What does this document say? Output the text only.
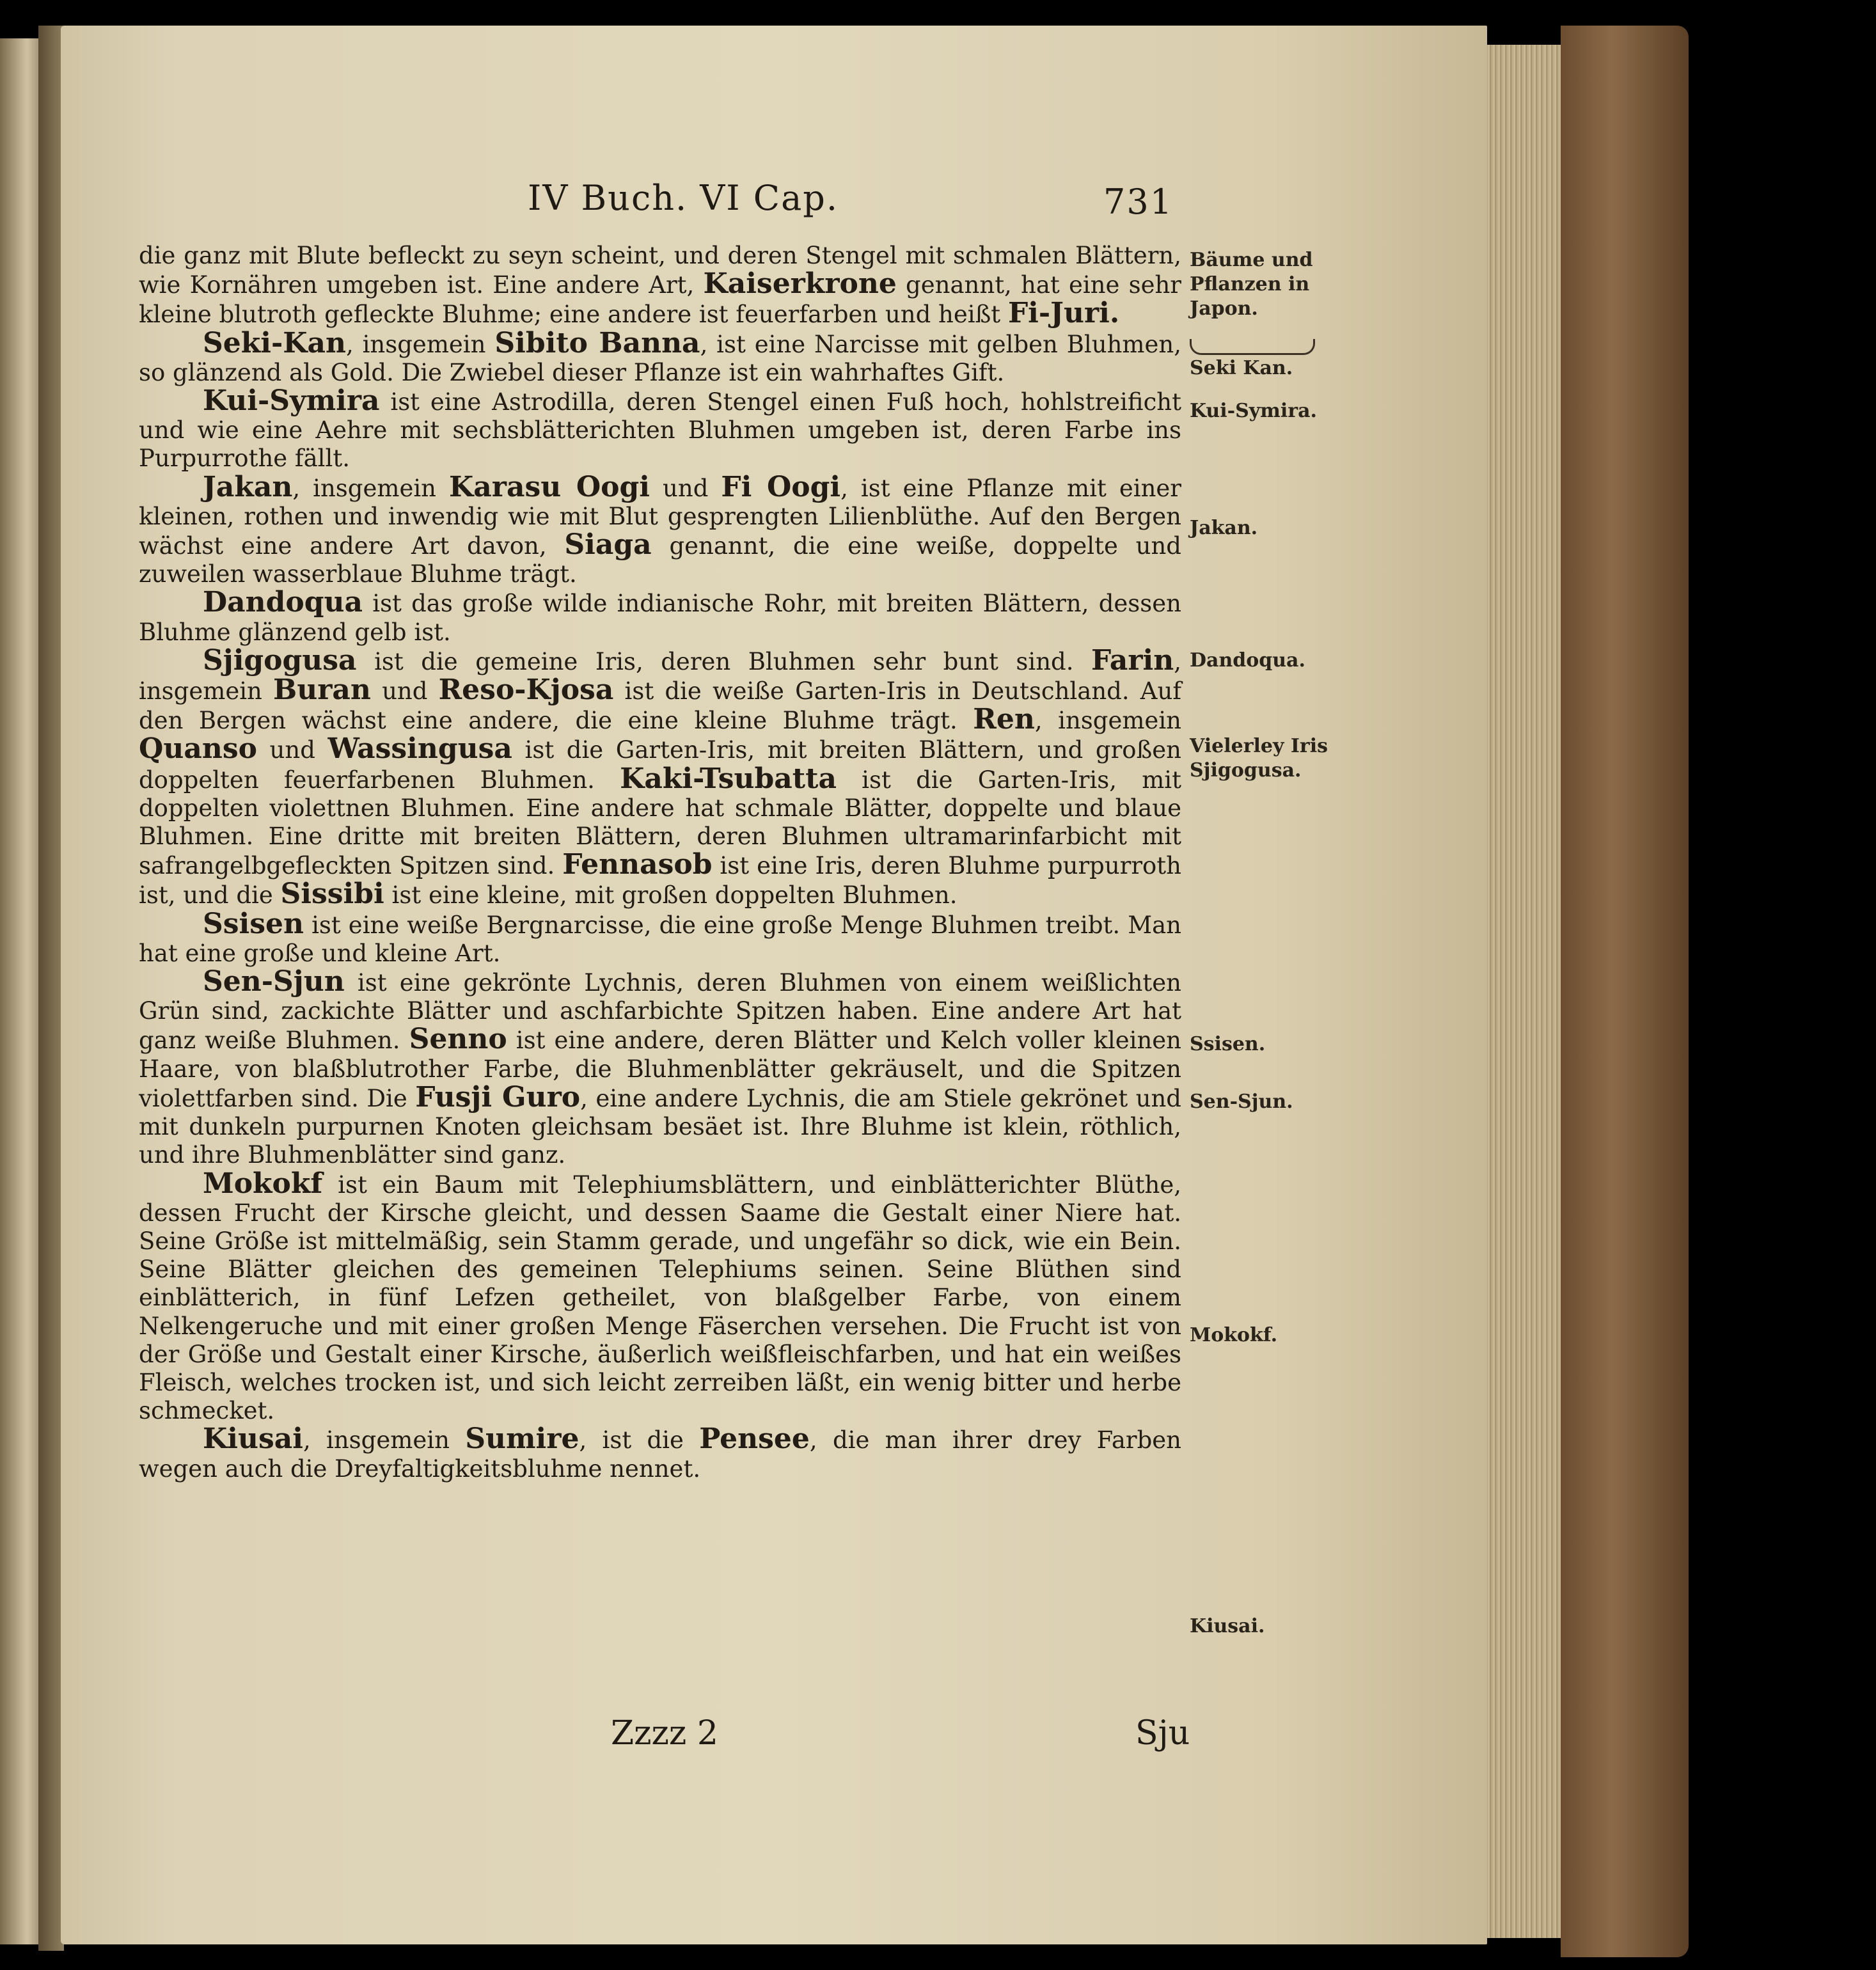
IV Buch. VI Cap.	731

die ganz mit Blute befleckt zu seyn scheint, und deren Stengel mit schmalen Blättern, wie Kornähren umgeben ist. Eine andere Art, Kaiserkrone genannt, hat eine sehr kleine blutroth gefleckte Bluhme; eine andere ist feuerfarben und heißt Fi-Juri.

Seki-Kan, insgemein Sibito Banna, ist eine Narcisse mit gelben Bluhmen, so glänzend als Gold. Die Zwiebel dieser Pflanze ist ein wahrhaftes Gift.

Kui-Symira ist eine Astrodilla, deren Stengel einen Fuß hoch, hohlstreificht und wie eine Aehre mit sechsblätterichten Bluhmen umgeben ist, deren Farbe ins Purpurrothe fällt.

Jakan, insgemein Karasu Oogi und Fi Oogi, ist eine Pflanze mit einer kleinen, rothen und inwendig wie mit Blut gesprengten Lilienblüthe. Auf den Bergen wächst eine andere Art davon, Siaga genannt, die eine weiße, doppelte und zuweilen wasserblaue Bluhme trägt.

Dandoqua ist das große wilde indianische Rohr, mit breiten Blättern, dessen Bluhme glänzend gelb ist.

Sjigogusa ist die gemeine Iris, deren Bluhmen sehr bunt sind. Farin, insgemein Buran und Reso-Kjosa ist die weiße Garten-Iris in Deutschland. Auf den Bergen wächst eine andere, die eine kleine Bluhme trägt. Ren, insgemein Quanso und Wassingusa ist die Garten-Iris, mit breiten Blättern, und großen doppelten feuerfarbenen Bluhmen. Kaki-Tsubatta ist die Garten-Iris, mit doppelten violettnen Bluhmen. Eine andere hat schmale Blätter, doppelte und blaue Bluhmen. Eine dritte mit breiten Blättern, deren Bluhmen ultramarinfarbicht mit safrangelbgefleckten Spitzen sind. Fennasob ist eine Iris, deren Bluhme purpurroth ist, und die Sissibi ist eine kleine, mit großen doppelten Bluhmen.

Ssisen ist eine weiße Bergnarcisse, die eine große Menge Bluhmen treibt. Man hat eine große und kleine Art.

Sen-Sjun ist eine gekrönte Lychnis, deren Bluhmen von einem weißlichten Grün sind, zackichte Blätter und aschfarbichte Spitzen haben. Eine andere Art hat ganz weiße Bluhmen. Senno ist eine andere, deren Blätter und Kelch voller kleinen Haare, von blaßblutrother Farbe, die Bluhmenblätter gekräuselt, und die Spitzen violettfarben sind. Die Fusji Guro, eine andere Lychnis, die am Stiele gekrönet und mit dunkeln purpurnen Knoten gleichsam besäet ist. Ihre Bluhme ist klein, röthlich, und ihre Bluhmenblätter sind ganz.

Mokokf ist ein Baum mit Telephiumsblättern, und einblätterichter Blüthe, dessen Frucht der Kirsche gleicht, und dessen Saame die Gestalt einer Niere hat. Seine Größe ist mittelmäßig, sein Stamm gerade, und ungefähr so dick, wie ein Bein. Seine Blätter gleichen des gemeinen Telephiums seinen. Seine Blüthen sind einblätterich, in fünf Lefzen getheilet, von blaßgelber Farbe, von einem Nelkengeruche und mit einer großen Menge Fäserchen versehen. Die Frucht ist von der Größe und Gestalt einer Kirsche, äußerlich weißfleischfarben, und hat ein weißes Fleisch, welches trocken ist, und sich leicht zerreiben läßt, ein wenig bitter und herbe schmecket.

Kiusai, insgemein Sumire, ist die Pensee, die man ihrer drey Farben wegen auch die Dreyfaltigkeitsbluhme nennet.

Bäume und
Pflanzen in
Japon.
Seki Kan.
Kui-Symira.
Jakan.
Dandoqua.
Vielerley Iris
Sjigogusa.
Ssisen.
Sen-Sjun.
Mokokf.
Kiusai.
Zzzz 2	Sju
